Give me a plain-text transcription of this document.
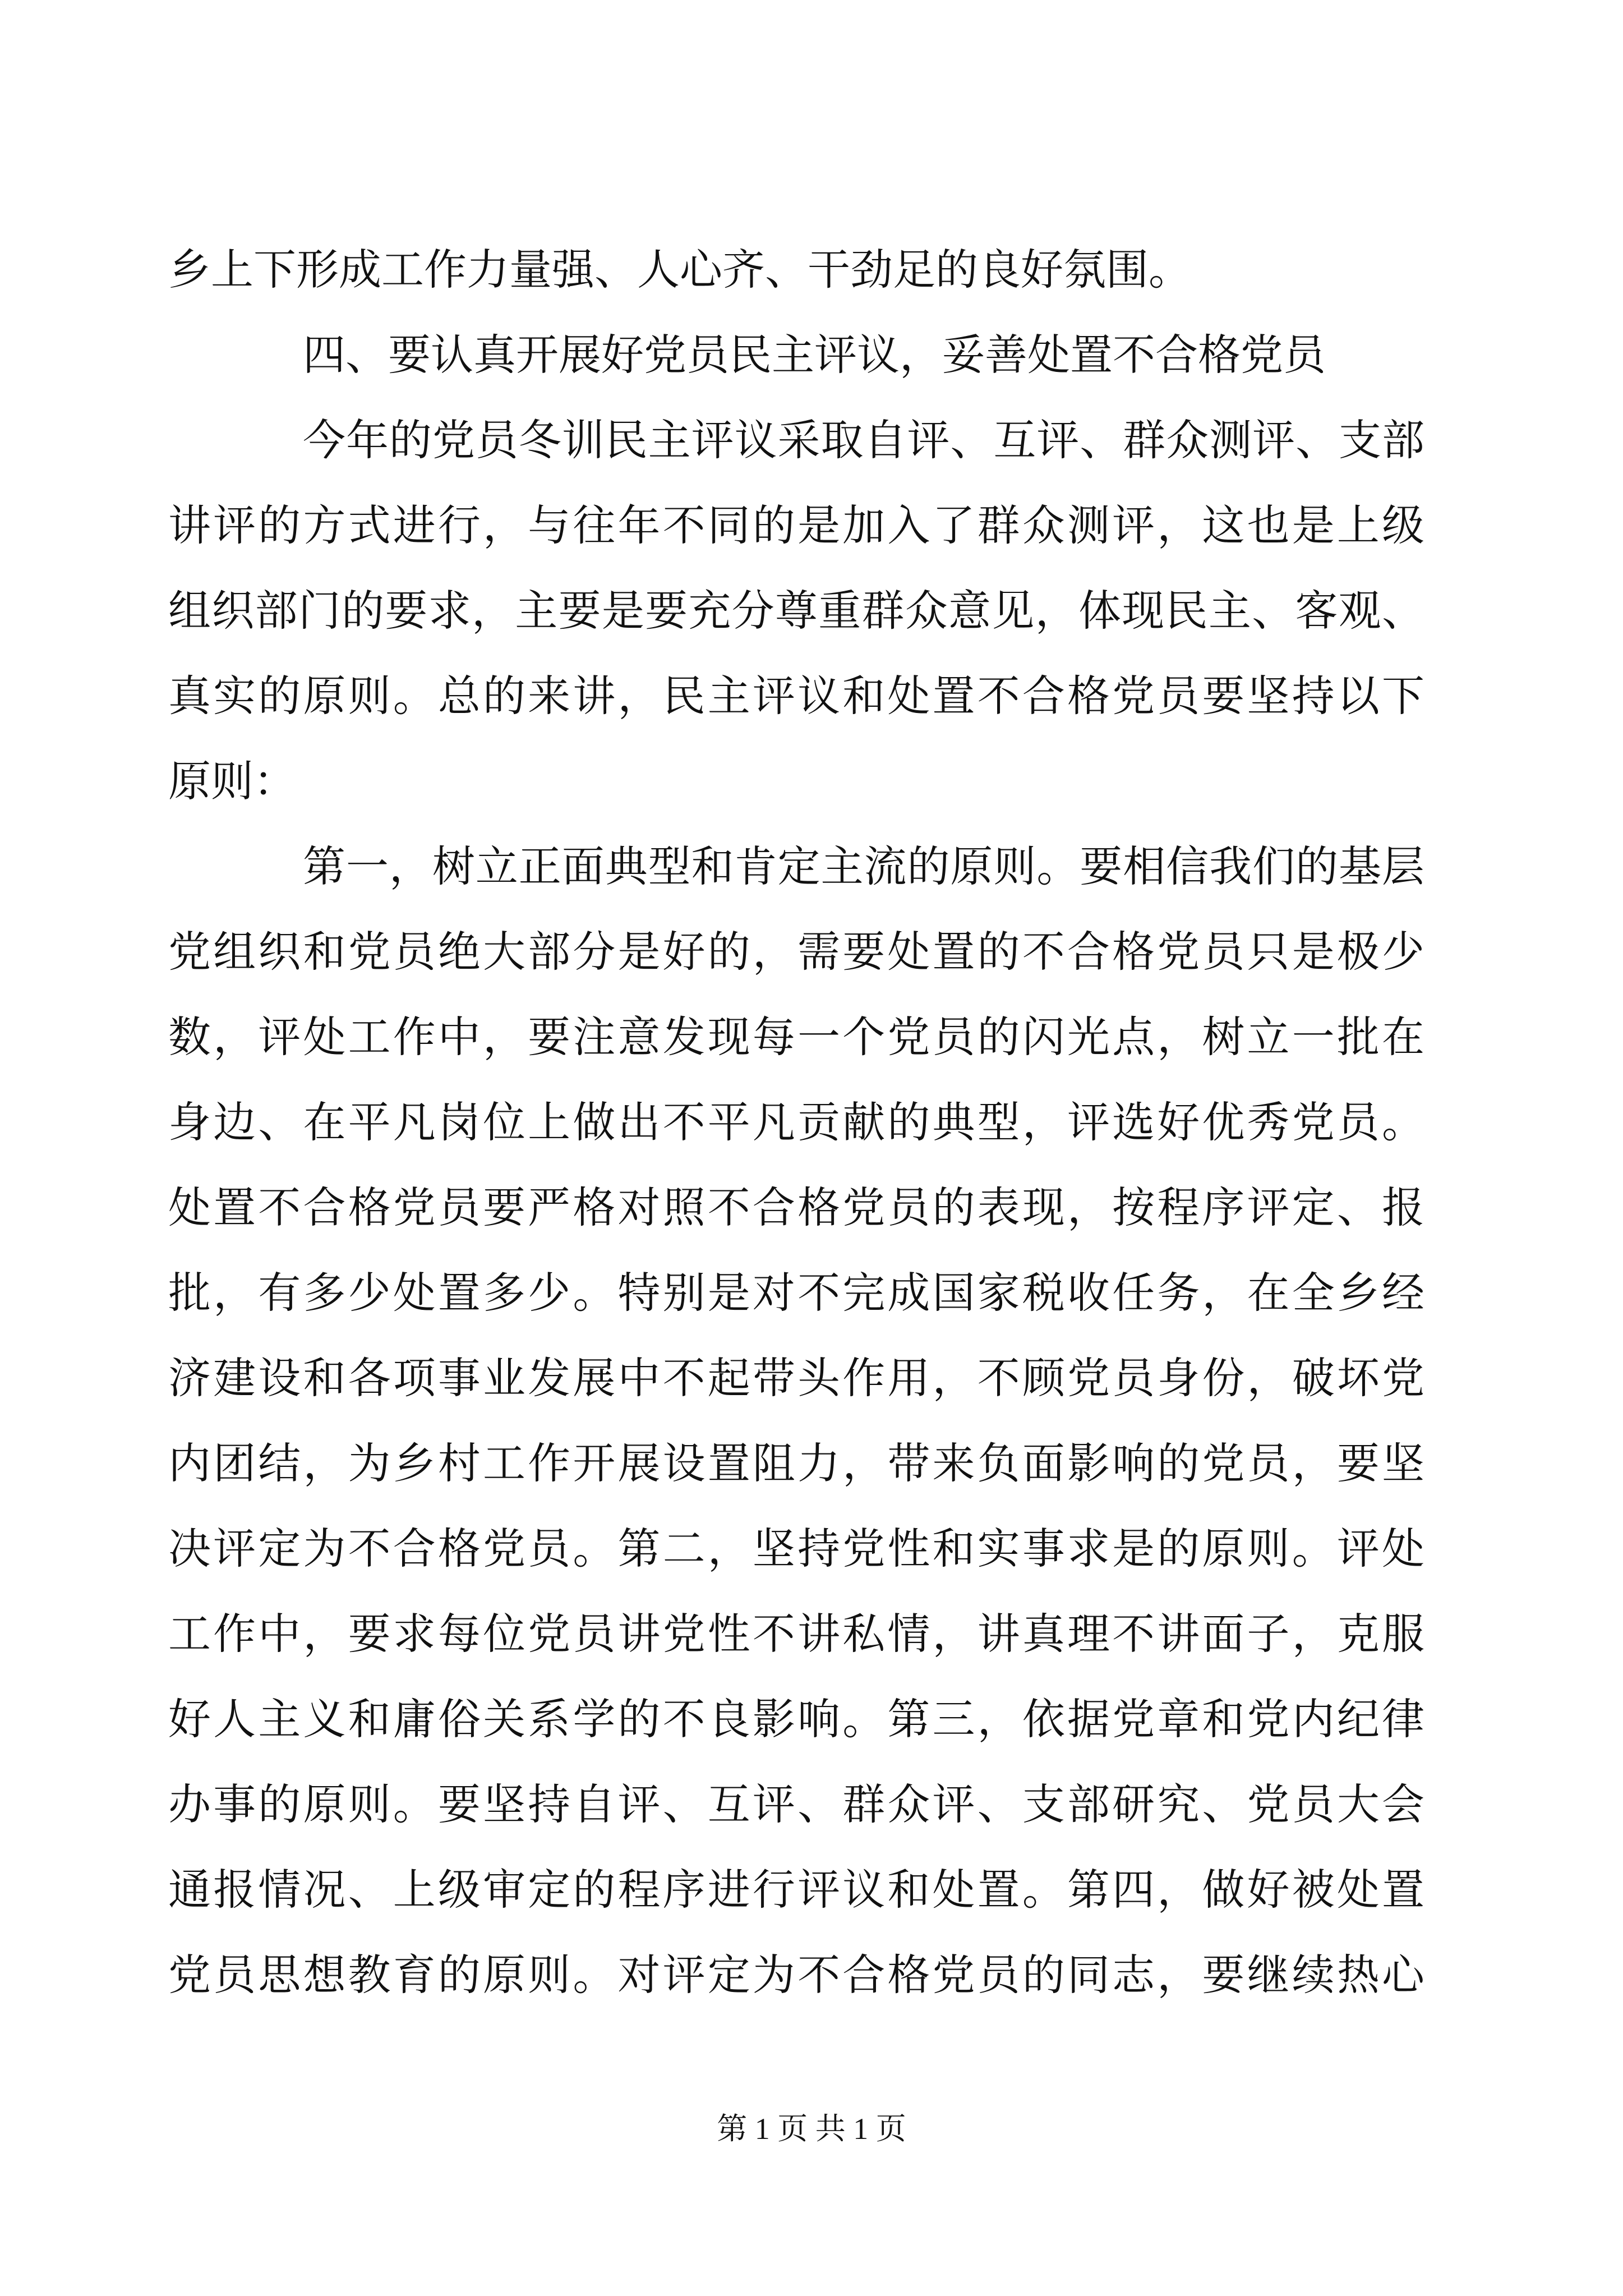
乡上下形成工作力量强、人心齐、干劲足的良好氛围。
四、要认真开展好党员民主评议，妥善处置不合格党员
今年的党员冬训民主评议采取自评、互评、群众测评、支部
讲评的方式进行，与往年不同的是加入了群众测评，这也是上级
组织部门的要求，主要是要充分尊重群众意见，体现民主、客观、
真实的原则。总的来讲，民主评议和处置不合格党员要坚持以下
原则：
第一，树立正面典型和肯定主流的原则。要相信我们的基层
党组织和党员绝大部分是好的，需要处置的不合格党员只是极少
数，评处工作中，要注意发现每一个党员的闪光点，树立一批在
身边、在平凡岗位上做出不平凡贡献的典型，评选好优秀党员。
处置不合格党员要严格对照不合格党员的表现，按程序评定、报
批，有多少处置多少。特别是对不完成国家税收任务，在全乡经
济建设和各项事业发展中不起带头作用，不顾党员身份，破坏党
内团结，为乡村工作开展设置阻力，带来负面影响的党员，要坚
决评定为不合格党员。第二，坚持党性和实事求是的原则。评处
工作中，要求每位党员讲党性不讲私情，讲真理不讲面子，克服
好人主义和庸俗关系学的不良影响。第三，依据党章和党内纪律
办事的原则。要坚持自评、互评、群众评、支部研究、党员大会
通报情况、上级审定的程序进行评议和处置。第四，做好被处置
党员思想教育的原则。对评定为不合格党员的同志，要继续热心
第 1 页 共 1 页
